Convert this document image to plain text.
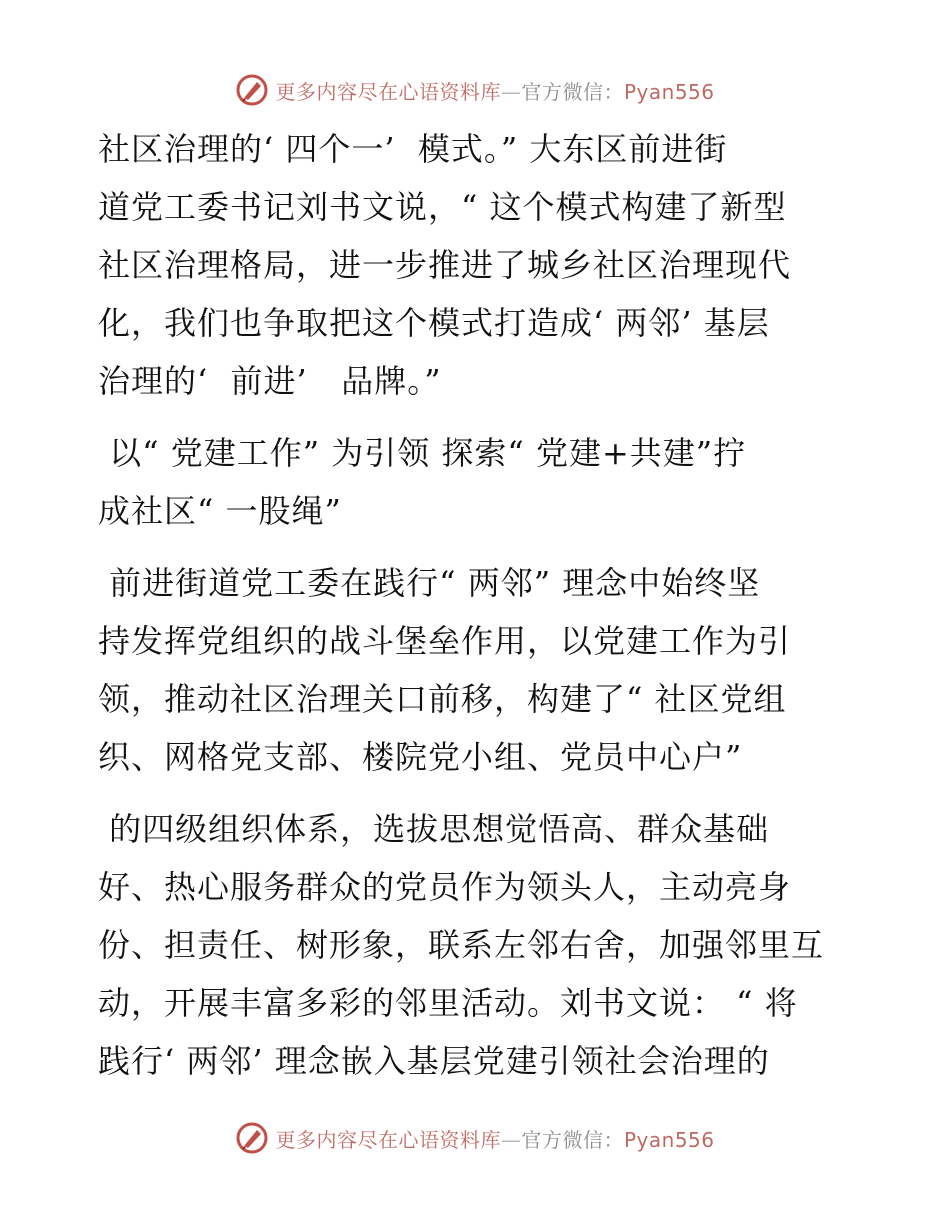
更多内容尽在心语资料库—官方微信：Pyan556
社区治理的‘ 四个一’  模式。” 大东区前进街
道党工委书记刘书文说，“ 这个模式构建了新型
社区治理格局，进一步推进了城乡社区治理现代
化，我们也争取把这个模式打造成‘ 两邻’ 基层
治理的‘  前进’   品牌。”
以“ 党建工作” 为引领 探索“ 党建+共建”拧
成社区“ 一股绳”
前进街道党工委在践行“ 两邻” 理念中始终坚
持发挥党组织的战斗堡垒作用，以党建工作为引
领，推动社区治理关口前移，构建了“ 社区党组
织、网格党支部、楼院党小组、党员中心户”
的四级组织体系，选拔思想觉悟高、群众基础
好、热心服务群众的党员作为领头人，主动亮身
份、担责任、树形象，联系左邻右舍，加强邻里互
动，开展丰富多彩的邻里活动。刘书文说： “ 将
践行‘ 两邻’ 理念嵌入基层党建引领社会治理的
更多内容尽在心语资料库—官方微信：Pyan556
